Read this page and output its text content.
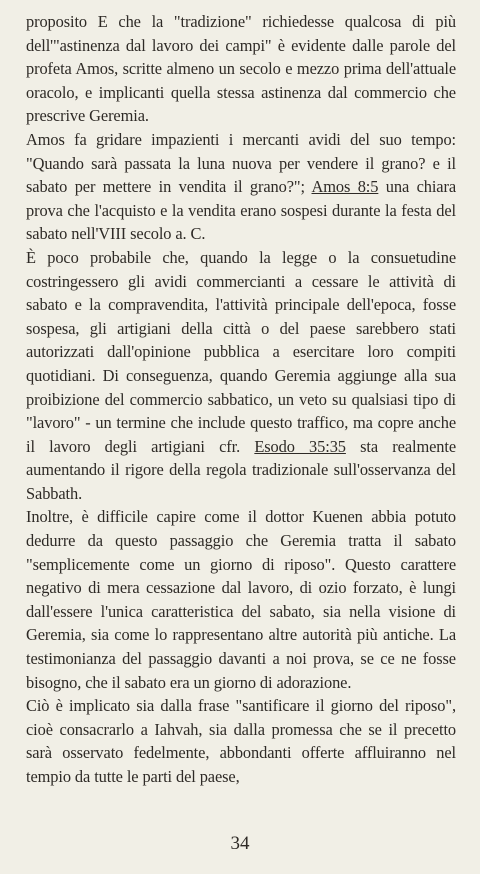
proposito E che la "tradizione" richiedesse qualcosa di più dell'"astinenza dal lavoro dei campi" è evidente dalle parole del profeta Amos, scritte almeno un secolo e mezzo prima dell'attuale oracolo, e implicanti quella stessa astinenza dal commercio che prescrive Geremia.

Amos fa gridare impazienti i mercanti avidi del suo tempo: "Quando sarà passata la luna nuova per vendere il grano? e il sabato per mettere in vendita il grano?"; Amos 8:5 una chiara prova che l'acquisto e la vendita erano sospesi durante la festa del sabato nell'VIII secolo a. C.

È poco probabile che, quando la legge o la consuetudine costringessero gli avidi commercianti a cessare le attività di sabato e la compravendita, l'attività principale dell'epoca, fosse sospesa, gli artigiani della città o del paese sarebbero stati autorizzati dall'opinione pubblica a esercitare loro compiti quotidiani. Di conseguenza, quando Geremia aggiunge alla sua proibizione del commercio sabbatico, un veto su qualsiasi tipo di "lavoro" - un termine che include questo traffico, ma copre anche il lavoro degli artigiani cfr. Esodo 35:35 sta realmente aumentando il rigore della regola tradizionale sull'osservanza del Sabbath.

Inoltre, è difficile capire come il dottor Kuenen abbia potuto dedurre da questo passaggio che Geremia tratta il sabato "semplicemente come un giorno di riposo". Questo carattere negativo di mera cessazione dal lavoro, di ozio forzato, è lungi dall'essere l'unica caratteristica del sabato, sia nella visione di Geremia, sia come lo rappresentano altre autorità più antiche. La testimonianza del passaggio davanti a noi prova, se ce ne fosse bisogno, che il sabato era un giorno di adorazione.

Ciò è implicato sia dalla frase "santificare il giorno del riposo", cioè consacrarlo a Iahvah, sia dalla promessa che se il precetto sarà osservato fedelmente, abbondanti offerte affluiranno nel tempio da tutte le parti del paese,

34
